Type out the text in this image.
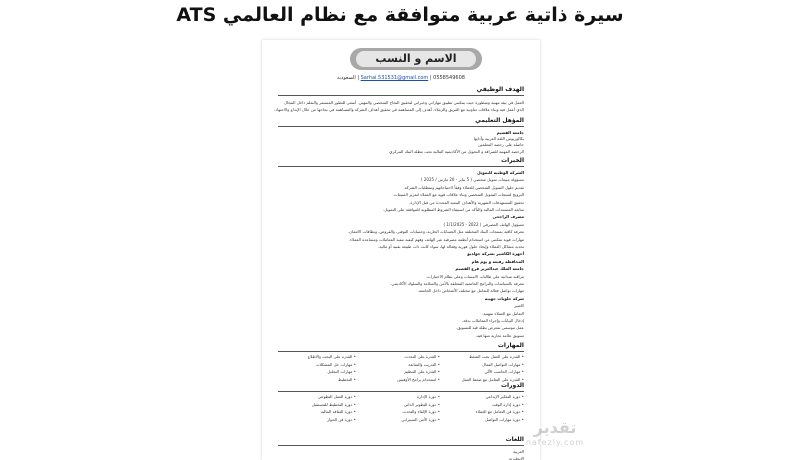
سيرة ذاتية عربية متوافقة مع نظام العالمي ATS
الاسم و النسب
0558549608 | Sarhai.531531@gmail.com | السعودية
الهدف الوظيفي
المؤهل التعليمي
الخبرات
المهارات
• القدرة على العمل تحت الضغط
• القدرة على التحدث
• القدرة على البحث والاطلاع
• مهارات التواصل الفعال
• التدريب والمتابعة
• مهارات حل المشكلات
• مهارات الحاسب الآلي
• القدرة على التنظيم
• مهارات التحليل
• القدرة على التعامل مع ضغط العمل
• استخدام برامج الأوفيس
• التخطيط
الدورات
• دورة التفكير الإبداعي
• دورة الإدارة
• دورة العمل التطوعي
• دورة إدارة الوقت
• دورة التطوير الذاتي
• دورة التخطيط للمستقبل
• دورة فن التعامل مع العملاء
• دورة الإلقاء والتحدث
• دورة الثقافة المالية
• دورة مهارات التواصل
• دورة الأمن السيبراني
• دورة فن الحوار
اللغات
العمل في بيئة مهنية ومتطورة حيث يمكنني تطبيق مهاراتي وخبراتي لتحقيق النجاح الشخصي والمهني. أسعى للتطور المستمر والتعلم داخل المجال
الذي أعمل فيه وبناء علاقات تعاونية مع الفريق والزملاء. أهدف إلى المساهمة في تحقيق أهداف الشركة والمساهمة في نجاحها من خلال الإبداع والاجتهاد.
جامعة القصيم
بكالوريوس اللغة العربية وآدابها
حاصلة على رخصة المعلمين
الرخصة المهنية للصرافة و التحويل من الأكاديمية المالية تحت مظلة البنك المركزي
الشركة الوطنية للتمويل
مسؤولة مبيعات تمويل شخصي ( 5 يناير - 20 مارس / 2025 )
تقديم حلول التمويل الشخصي للعملاء وفقاً لاحتياجاتهم ومتطلبات الشركة.
الترويج لمنتجات التمويل الشخصي وبناء علاقات قوية مع العملاء لتعزيز المبيعات.
تحقيق المستهدفات الشهرية والأهداف البيعية المحددة من قبل الإدارة.
متابعة المستندات المالية والتأكد من استيفاء الشروط المطلوبة للموافقة على التمويل.
مصرف الراجحي
مسؤول الهاتف المصرفي ( 2022 - 1/1/2025 )
معرفة كافية بمنتجات البنك المختلفة مثل الحسابات الجارية، وحسابات التوفير، والقروض، وبطاقات الائتمان.
مهارات قوية تمكنني من استخدام أنظمة مصرفية عبر الهاتف وفهم كيفية تنفيذ المعاملات ومساعدة العملاء.
تحديد مشاكل العملاء وإيجاد حلول فورية وفعالة لها، سواء كانت ذات طبيعة تقنية أو مالية.
أجهزة الكاشير بشركة جولديو
المحافظة رفيعة و يوم هام
جامعة الملك عبدالعزيز فرع القصيم
مراقبة ميدانية على طالبات الانتساب وعلى نظام الاختبارات.
معرفة بالسياسات والبرامج الجامعية المتعلقة بالأمن والسلامة والسلوك الأكاديمي.
مهارات تواصل فعالة للتعامل مع مختلف الأشخاص داخل الجامعة.
شركة حلويات جهينة
كاشير
التعامل مع العملاء بمهنية.
إدخال البيانات وإجراء المعاملات بدقة.
عمل موسمي بمعرض بطلة فيه للتسويق.
تسويق علامة تجارية منها فيه.
العربية
الإنجليزية
تقدير
nafezly.com
